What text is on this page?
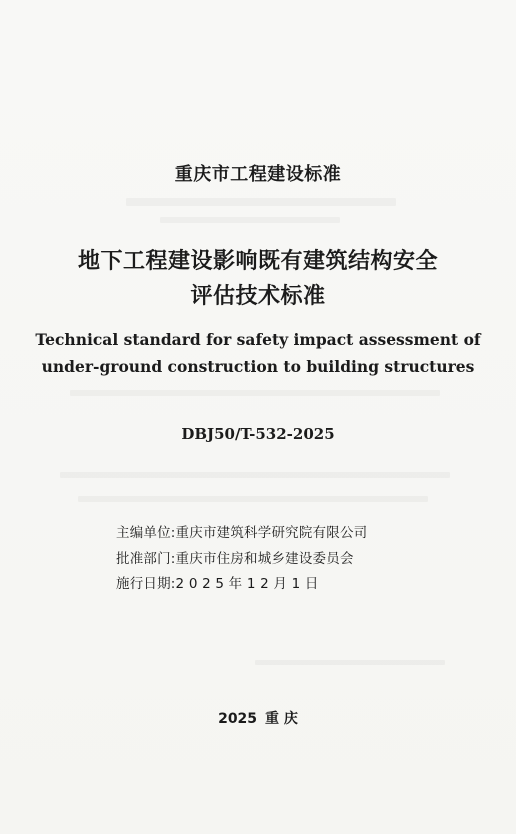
重庆市工程建设标准
地下工程建设影响既有建筑结构安全
评估技术标准
Technical standard for safety impact assessment of
under-ground construction to building structures
DBJ50/T-532-2025
主编单位:重庆市建筑科学研究院有限公司
批准部门:重庆市住房和城乡建设委员会
施行日期:2 0 2 5 年 1 2 月 1 日
2025 重 庆
